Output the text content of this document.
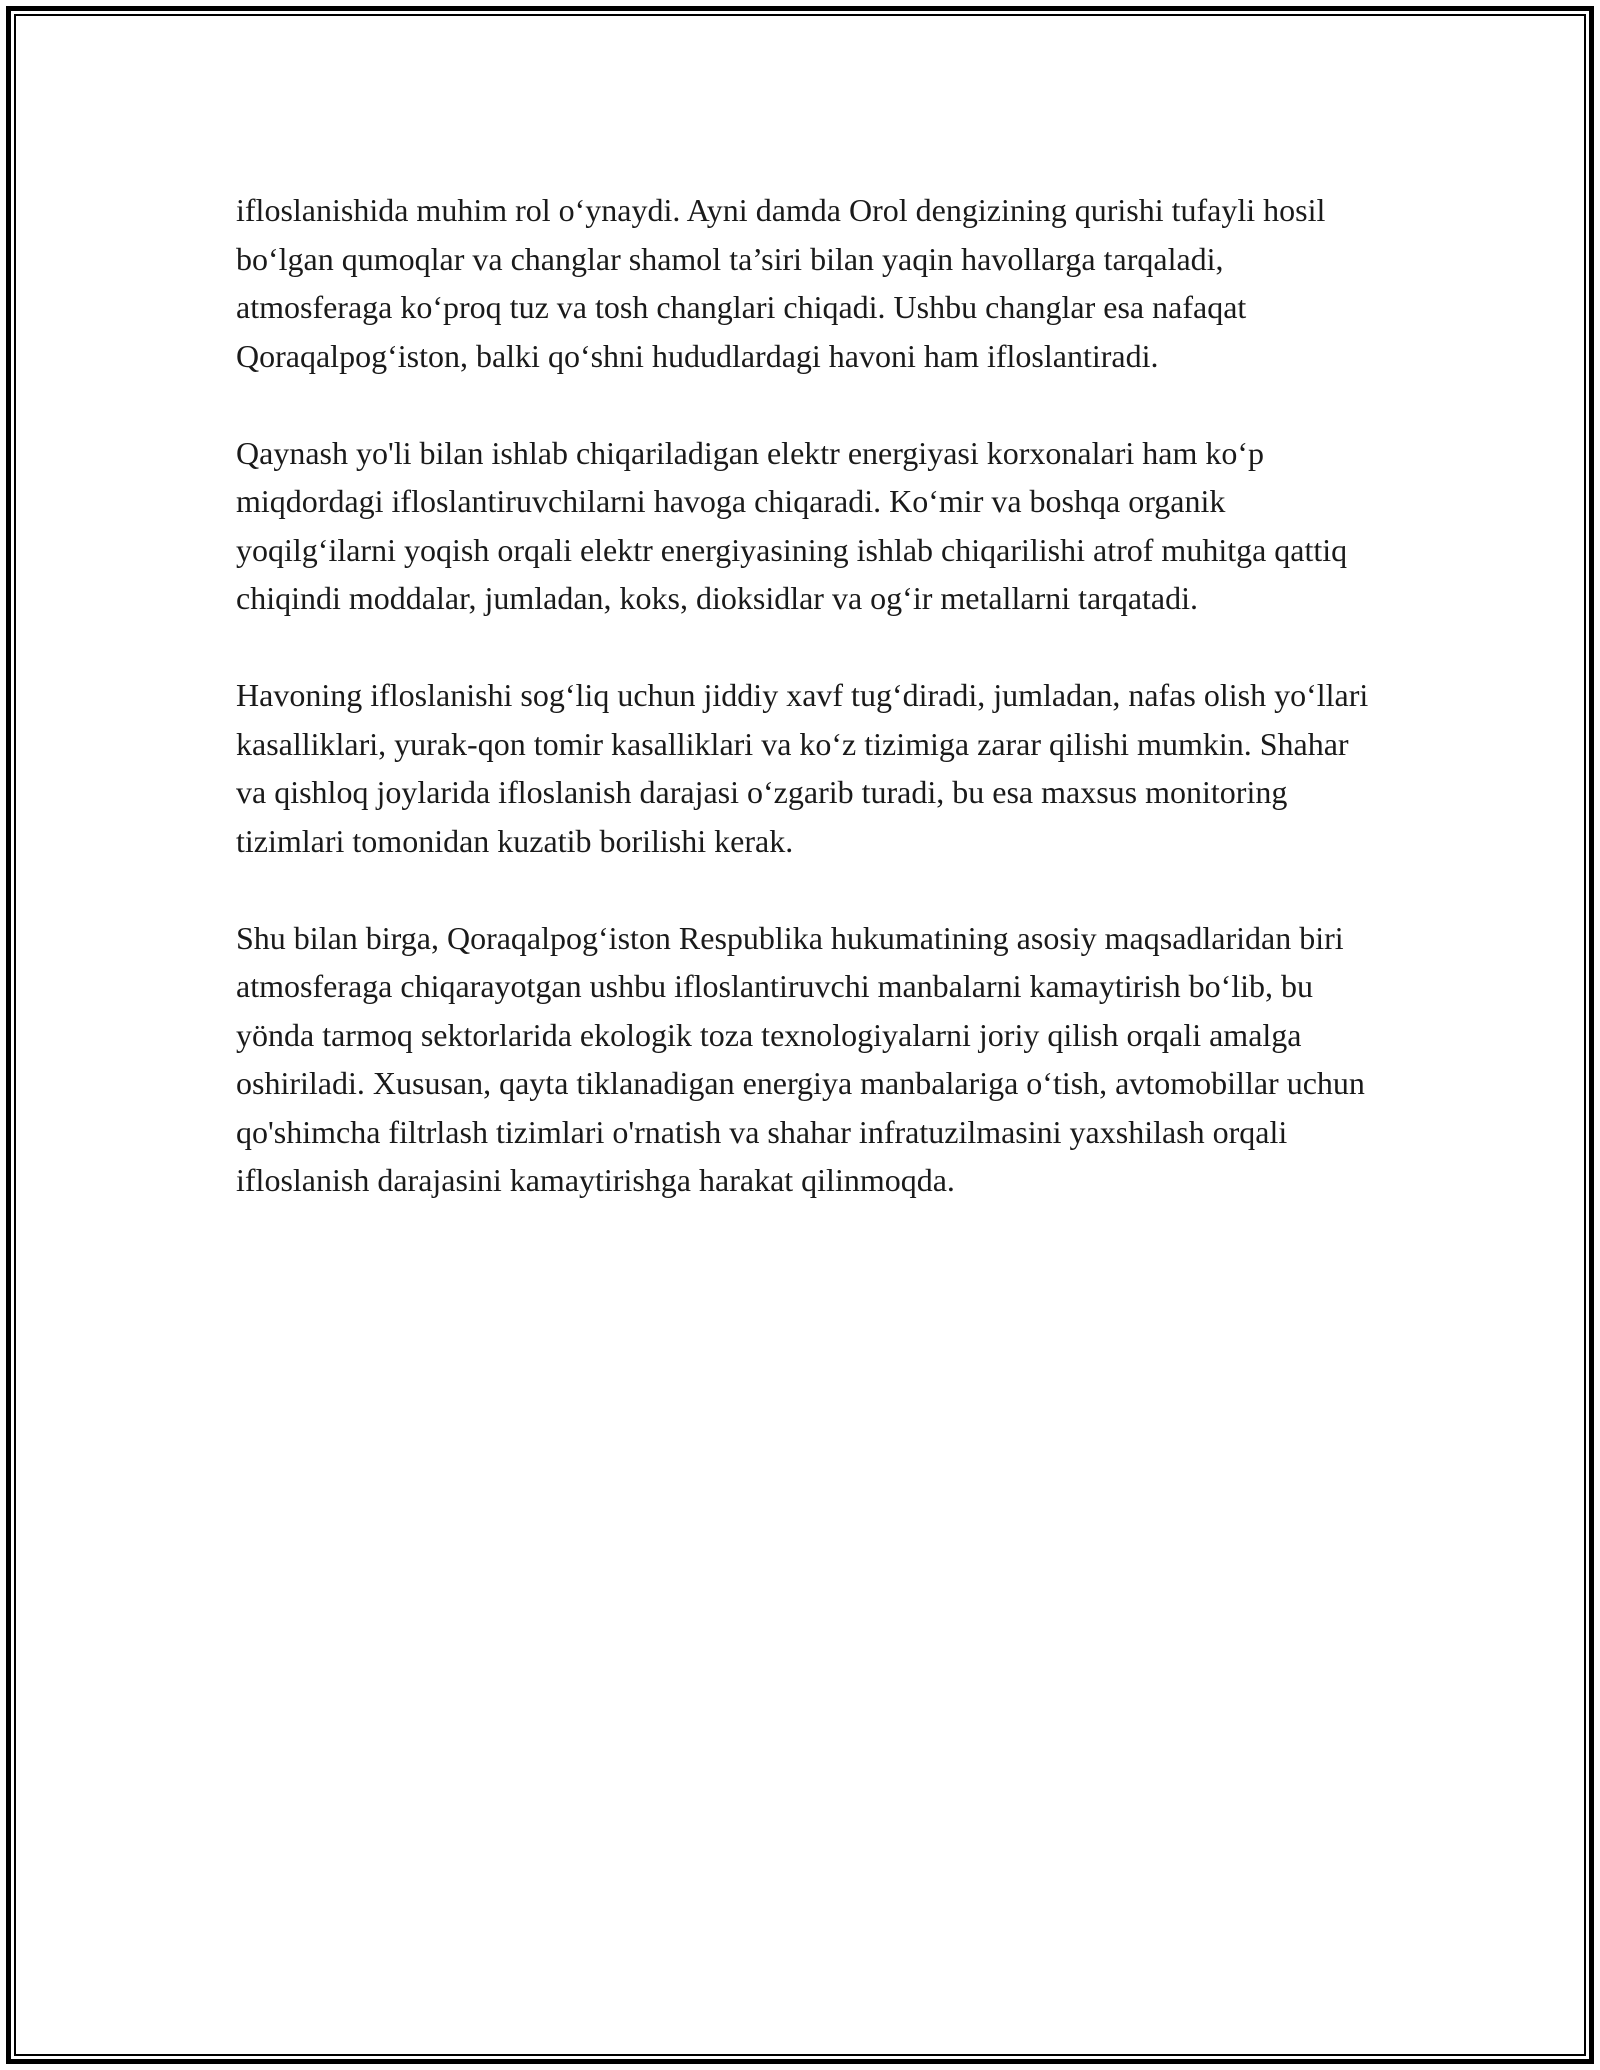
ifloslanishida muhim rol o‘ynaydi. Ayni damda Orol dengizining qurishi tufayli hosil bo‘lgan qumoqlar va changlar shamol ta’siri bilan yaqin havollarga tarqaladi, atmosferaga ko‘proq tuz va tosh changlari chiqadi. Ushbu changlar esa nafaqat Qoraqalpog‘iston, balki qo‘shni hududlardagi havoni ham ifloslantiradi.

Qaynash yo'li bilan ishlab chiqariladigan elektr energiyasi korxonalari ham ko‘p miqdordagi ifloslantiruvchilarni havoga chiqaradi. Ko‘mir va boshqa organik yoqilg‘ilarni yoqish orqali elektr energiyasining ishlab chiqarilishi atrof muhitga qattiq chiqindi moddalar, jumladan, koks, dioksidlar va og‘ir metallarni tarqatadi.

Havoning ifloslanishi sog‘liq uchun jiddiy xavf tug‘diradi, jumladan, nafas olish yo‘llari kasalliklari, yurak-qon tomir kasalliklari va ko‘z tizimiga zarar qilishi mumkin. Shahar va qishloq joylarida ifloslanish darajasi o‘zgarib turadi, bu esa maxsus monitoring tizimlari tomonidan kuzatib borilishi kerak.

Shu bilan birga, Qoraqalpog‘iston Respublika hukumatining asosiy maqsadlaridan biri atmosferaga chiqarayotgan ushbu ifloslantiruvchi manbalarni kamaytirish bo‘lib, bu yönda tarmoq sektorlarida ekologik toza texnologiyalarni joriy qilish orqali amalga oshiriladi. Xususan, qayta tiklanadigan energiya manbalariga o‘tish, avtomobillar uchun qo'shimcha filtrlash tizimlari o'rnatish va shahar infratuzilmasini yaxshilash orqali ifloslanish darajasini kamaytirishga harakat qilinmoqda.
